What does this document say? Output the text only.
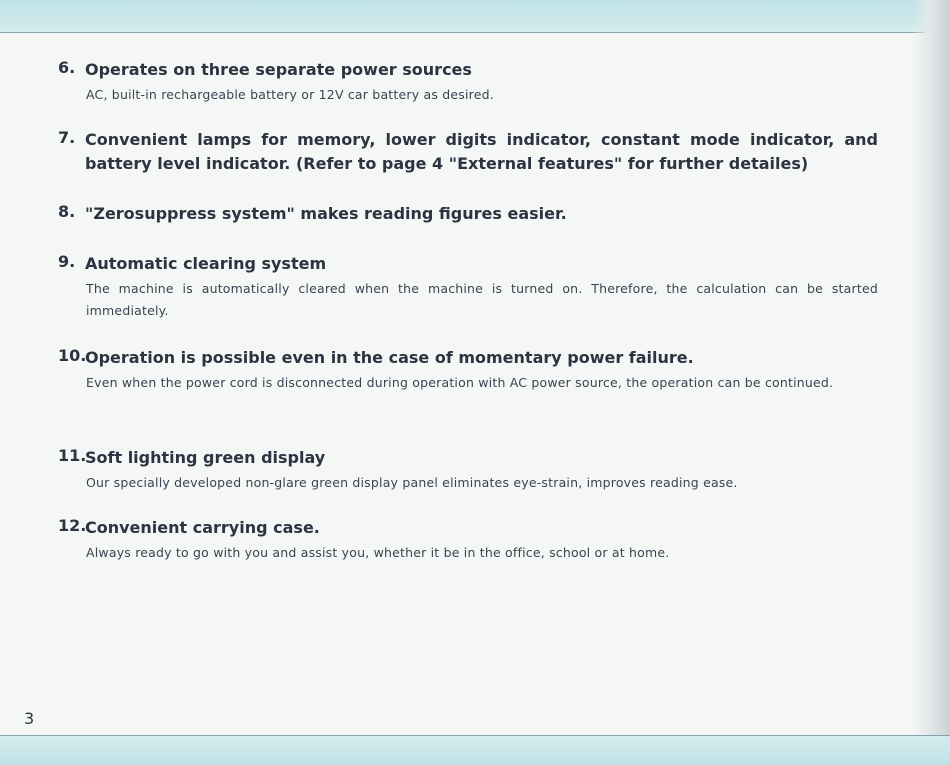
6. Operates on three separate power sources
AC, built-in rechargeable battery or 12V car battery as desired.
7. Convenient lamps for memory, lower digits indicator, constant mode indicator, and battery level indicator. (Refer to page 4 "External features" for further detailes)
8. "Zerosuppress system" makes reading figures easier.
9. Automatic clearing system
The machine is automatically cleared when the machine is turned on. Therefore, the calculation can be started immediately.
10.
Operation is possible even in the case of momentary power failure.
Even when the power cord is disconnected during operation with AC power source, the operation can be continued.
11.
Soft lighting green display
Our specially developed non-glare green display panel eliminates eye-strain, improves reading ease.
12.
Convenient carrying case.
Always ready to go with you and assist you, whether it be in the office, school or at home.
3
